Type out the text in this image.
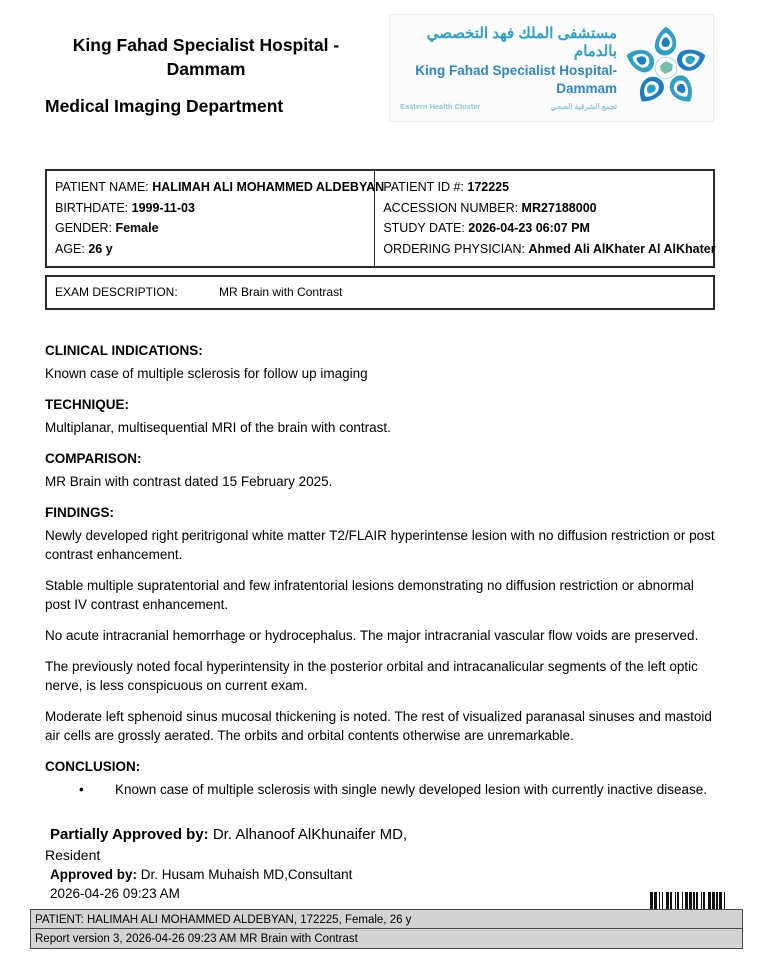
King Fahad Specialist Hospital - Dammam
Medical Imaging Department
مستشفى الملك فهد التخصصي بالدمام
King Fahad Specialist Hospital-Dammam
Eastern Health Cluster	تجمع الشرقية الصحي
PATIENT NAME: HALIMAH ALI MOHAMMED ALDEBYAN
BIRTHDATE: 1999-11-03
GENDER: Female
AGE: 26 y
PATIENT ID #: 172225
ACCESSION NUMBER: MR27188000
STUDY DATE: 2026-04-23 06:07 PM
ORDERING PHYSICIAN: Ahmed Ali AlKhater Al AlKhater
EXAM DESCRIPTION:	MR Brain with Contrast
CLINICAL INDICATIONS:
Known case of multiple sclerosis for follow up imaging
TECHNIQUE:
Multiplanar, multisequential MRI of the brain with contrast.
COMPARISON:
MR Brain with contrast dated 15 February 2025.
FINDINGS:
Newly developed right peritrigonal white matter T2/FLAIR hyperintense lesion with no diffusion restriction or post contrast enhancement.
Stable multiple supratentorial and few infratentorial lesions demonstrating no diffusion restriction or abnormal post IV contrast enhancement.
No acute intracranial hemorrhage or hydrocephalus. The major intracranial vascular flow voids are preserved.
The previously noted focal hyperintensity in the posterior orbital and intracanalicular segments of the left optic nerve, is less conspicuous on current exam.
Moderate left sphenoid sinus mucosal thickening is noted. The rest of visualized paranasal sinuses and mastoid air cells are grossly aerated. The orbits and orbital contents otherwise are unremarkable.
CONCLUSION:
• Known case of multiple sclerosis with single newly developed lesion with currently inactive disease.
Partially Approved by: Dr. Alhanoof AlKhunaifer MD,
Resident
Approved by: Dr. Husam Muhaish MD,Consultant
2026-04-26 09:23 AM
PATIENT: HALIMAH ALI MOHAMMED ALDEBYAN, 172225, Female, 26 y
Report version 3, 2026-04-26 09:23 AM MR Brain with Contrast
